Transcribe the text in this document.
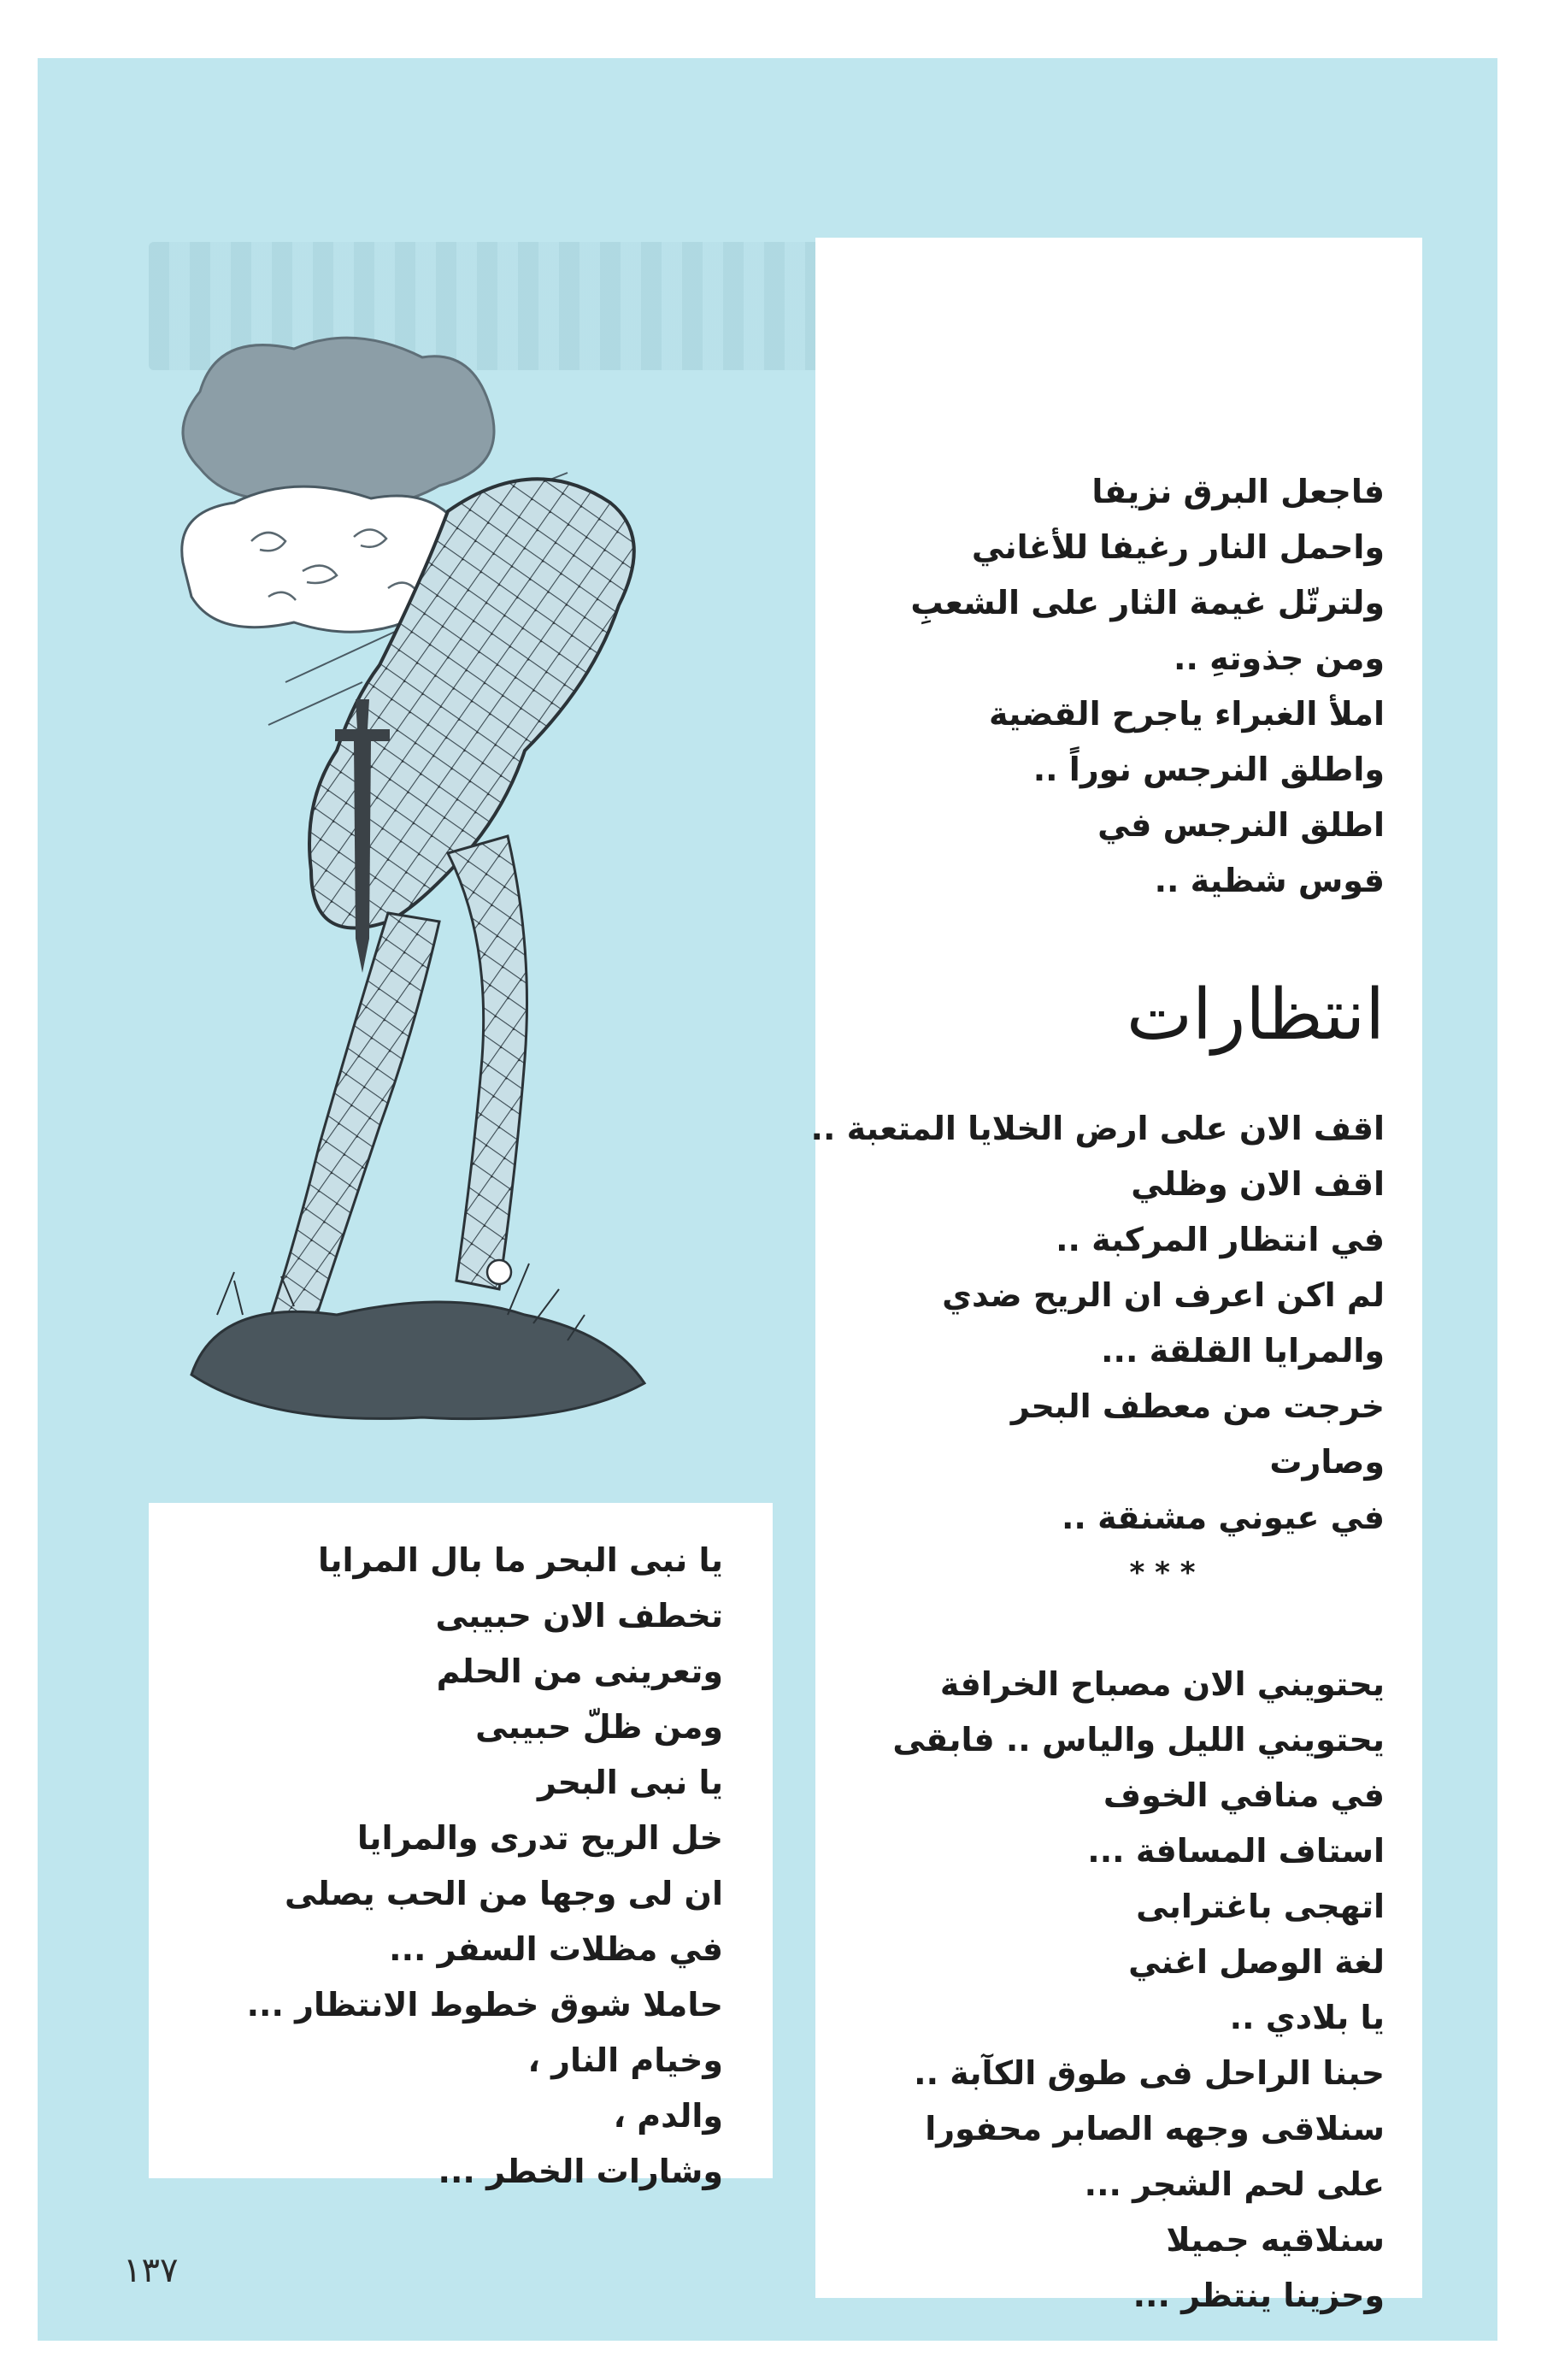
فاجعل البرق نزيفا
واحمل النار رغيفا للأغاني
ولترتّل غيمة الثار على الشعبِ
ومن جذوتهِ ..
املأ الغبراء ياجرح القضية
واطلق النرجس نوراً ..
اطلق النرجس في
قوس شظية ..
انتظارات
اقف الان على ارض الخلايا المتعبة ..
اقف الان وظلي
في انتظار المركبة ..
لم اكن اعرف ان الريح ضدي
والمرايا القلقة ...
خرجت من معطف البحر
وصارت
في عيوني مشنقة ..
* * *
يحتويني الان مصباح الخرافة
يحتويني الليل والياس .. فابقى
في منافي الخوف
استاف المسافة ...
اتهجى باغترابى
لغة الوصل اغني
يا بلادي ..
حبنا الراحل فى طوق الكآبة ..
سنلاقى وجهه الصابر محفورا
على لحم الشجر ...
سنلاقيه جميلا
وحزينا ينتظر ...
يا نبى البحر ما بال المرايا
تخطف الان حبيبى
وتعرينى من الحلم
ومن ظلّ حبيبى
يا نبى البحر
خل الريح تدرى والمرايا
ان لى وجها من الحب يصلى
في مظلات السفر ...
حاملا شوق خطوط الانتظار ...
وخيام النار ،
والدم ،
وشارات الخطر ...
١٣٧
